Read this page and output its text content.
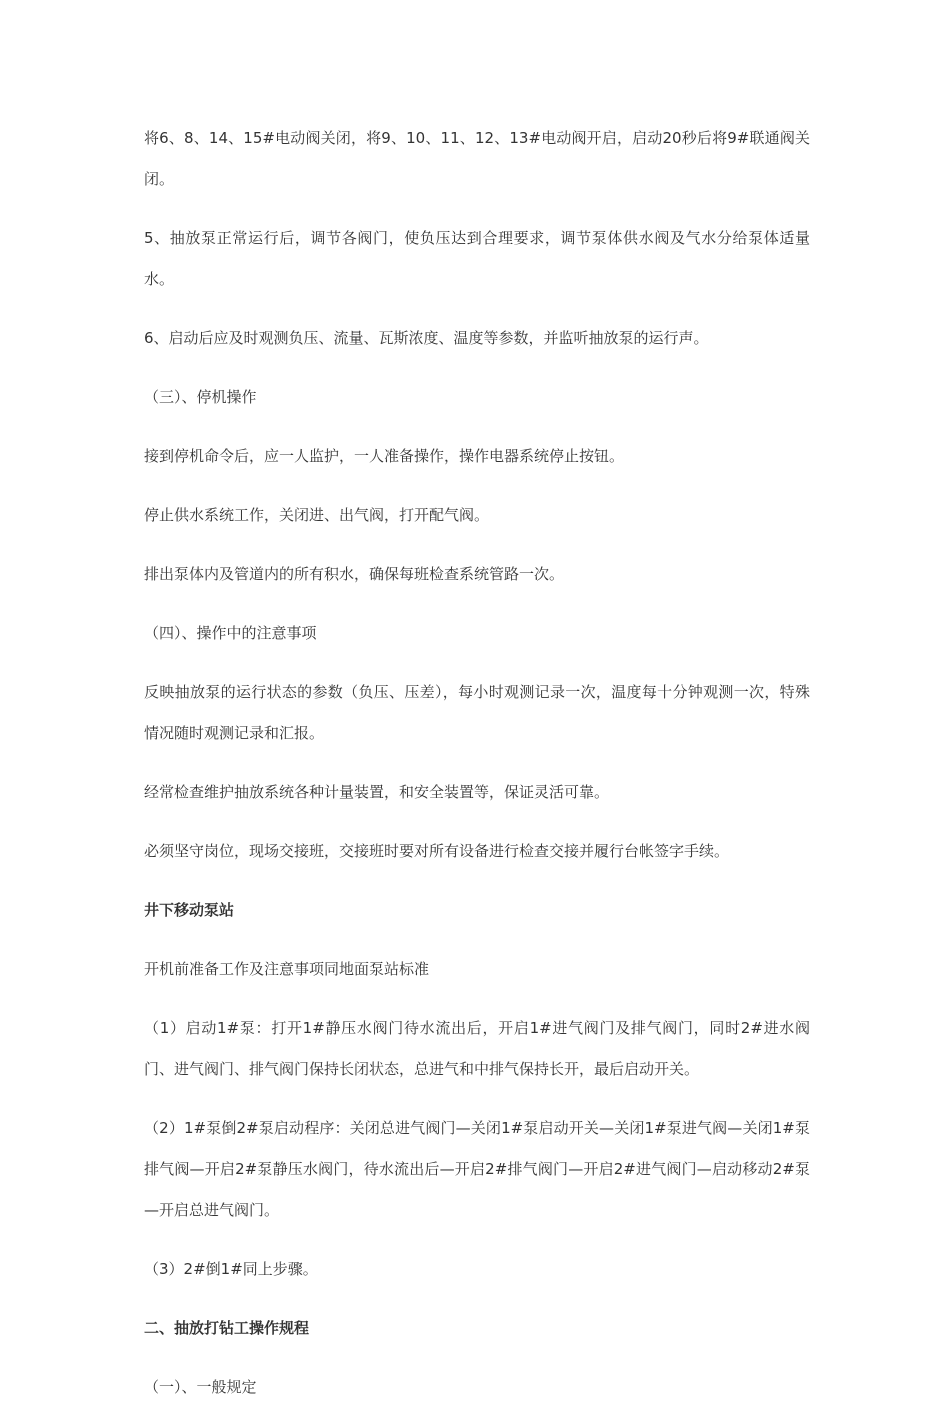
将6、8、14、15#电动阀关闭，将9、10、11、12、13#电动阀开启，启动20秒后将9#联通阀关闭。

5、抽放泵正常运行后，调节各阀门，使负压达到合理要求，调节泵体供水阀及气水分给泵体适量水。

6、启动后应及时观测负压、流量、瓦斯浓度、温度等参数，并监听抽放泵的运行声。

（三）、停机操作

接到停机命令后，应一人监护，一人准备操作，操作电器系统停止按钮。

停止供水系统工作，关闭进、出气阀，打开配气阀。

排出泵体内及管道内的所有积水，确保每班检查系统管路一次。

（四）、操作中的注意事项

反映抽放泵的运行状态的参数（负压、压差），每小时观测记录一次，温度每十分钟观测一次，特殊情况随时观测记录和汇报。

经常检查维护抽放系统各种计量装置，和安全装置等，保证灵活可靠。

必须坚守岗位，现场交接班，交接班时要对所有设备进行检查交接并履行台帐签字手续。

井下移动泵站

开机前准备工作及注意事项同地面泵站标准

（1）启动1#泵：打开1#静压水阀门待水流出后，开启1#进气阀门及排气阀门，同时2#进水阀门、进气阀门、排气阀门保持长闭状态，总进气和中排气保持长开，最后启动开关。

（2）1#泵倒2#泵启动程序：关闭总进气阀门—关闭1#泵启动开关—关闭1#泵进气阀—关闭1#泵排气阀—开启2#泵静压水阀门，待水流出后—开启2#排气阀门—开启2#进气阀门—启动移动2#泵—开启总进气阀门。

（3）2#倒1#同上步骤。

二、抽放打钻工操作规程

（一）、一般规定
